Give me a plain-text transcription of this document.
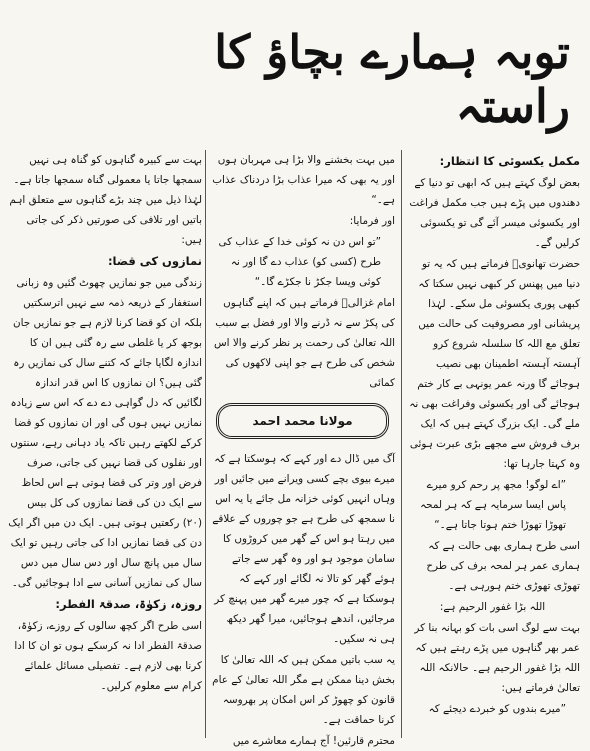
توبہ ہمارے بچاؤ کا راستہ
مکمل یکسوئی کا انتظار:

بعض لوگ کہتے ہیں کہ ابھی تو دنیا کے دھندوں میں پڑے ہیں جب مکمل فراغت اور یکسوئی میسر آئے گی تو یکسوئی کرلیں گے۔

حضرت تھانویؒ فرماتے ہیں کہ یہ تو دنیا میں پھنس کر کبھی نہیں سکتا کہ کبھی پوری یکسوئی مل سکے۔ لہٰذا پریشانی اور مصروفیت کی حالت میں تعلق مع اللہ کا سلسلہ شروع کرو آہستہ آہستہ اطمینان بھی نصیب ہوجائے گا ورنہ عمر یونہی بے کار ختم ہوجائے گی اور یکسوئی وفراغت بھی نہ ملے گی۔ ایک بزرگ کہتے ہیں کہ ایک برف فروش سے مجھے بڑی عبرت ہوئی وہ کہتا جارہا تھا:

”اے لوگو! مجھ پر رحم کرو میرے پاس ایسا سرمایہ ہے کہ ہر لمحہ تھوڑا تھوڑا ختم ہوتا جاتا ہے۔“

اسی طرح ہماری بھی حالت ہے کہ ہماری عمر ہر لمحہ برف کی طرح تھوڑی تھوڑی ختم ہورہی ہے۔

اللہ بڑا غفور الرحیم ہے:

بہت سے لوگ اسی بات کو بہانہ بنا کر عمر بھر گناہوں میں پڑے رہتے ہیں کہ اللہ بڑا غفور الرحیم ہے۔ حالانکہ اللہ تعالیٰ فرماتے ہیں:

”میرے بندوں کو خبردے دیجئے کہ

میں بہت بخشنے والا بڑا ہی مہربان ہوں اور یہ بھی کہ میرا عذاب بڑا دردناک عذاب ہے۔“

اور فرمایا:

”تو اس دن نہ کوئی خدا کے عذاب کی طرح (کسی کو) عذاب دے گا اور نہ کوئی ویسا جکڑ نا جکڑے گا۔“

امام غزالیؒ فرماتے ہیں کہ اپنے گناہوں کی پکڑ سے نہ ڈرنے والا اور فضل بے سبب اللہ تعالیٰ کی رحمت پر نظر کرنے والا اس شخص کی طرح ہے جو اپنی لاکھوں کی کمائی

مولانا محمد احمد

آگ میں ڈال دے اور کہے کہ ہوسکتا ہے کہ میرے بیوی بچے کسی ویرانے میں جائیں اور وہاں انہیں کوئی خزانہ مل جائے یا یہ اس نا سمجھ کی طرح ہے جو چوروں کے علاقے میں رہتا ہو اس کے گھر میں کروڑوں کا سامان موجود ہو اور وہ گھر سے جاتے ہوئے گھر کو تالا نہ لگائے اور کہے کہ ہوسکتا ہے کہ چور میرے گھر میں پہنچ کر مرجائیں، اندھے ہوجائیں، میرا گھر دیکھ ہی نہ سکیں۔

یہ سب باتیں ممکن ہیں کہ اللہ تعالیٰ کا بخش دینا ممکن ہے مگر اللہ تعالیٰ کے عام قانون کو چھوڑ کر اس امکان پر بھروسہ کرنا حماقت ہے۔

محترم قارئین! آج ہمارے معاشرے میں

بہت سے کبیرہ گناہوں کو گناہ ہی نہیں سمجھا جاتا یا معمولی گناہ سمجھا جاتا ہے۔ لہٰذا ذیل میں چند بڑے گناہوں سے متعلق اہم باتیں اور تلافی کی صورتیں ذکر کی جاتی ہیں:

نمازوں کی قضا:

زندگی میں جو نمازیں چھوٹ گئیں وہ زبانی استغفار کے ذریعہ ذمہ سے نہیں اترسکتیں بلکہ ان کو قضا کرنا لازم ہے جو نمازیں جان بوجھ کر یا غلطی سے رہ گئی ہیں ان کا اندازہ لگایا جائے کہ کتنے سال کی نمازیں رہ گئی ہیں؟ ان نمازوں کا اس قدر اندازہ لگائیں کہ دل گواہی دے دے کہ اس سے زیادہ نمازیں نہیں ہوں گی اور ان نمازوں کو قضا کرکے لکھتے رہیں تاکہ یاد دہانی رہے، سنتوں اور نفلوں کی قضا نہیں کی جاتی، صرف فرض اور وتر کی قضا ہوتی ہے اس لحاظ سے ایک دن کی قضا نمازوں کی کل بیس (۲۰) رکعتیں ہوتی ہیں۔ ایک دن میں اگر ایک دن کی قضا نمازیں ادا کی جاتی رہیں تو ایک سال میں پانچ سال اور دس سال میں دس سال کی نمازیں آسانی سے ادا ہوجائیں گی۔

روزہ، زکوٰۃ، صدقۃ الفطر:

اسی طرح اگر کچھ سالوں کے روزے، زکوٰۃ، صدقۃ الفطر ادا نہ کرسکے ہوں تو ان کا ادا کرنا بھی لازم ہے۔ تفصیلی مسائل علمائے کرام سے معلوم کرلیں۔
